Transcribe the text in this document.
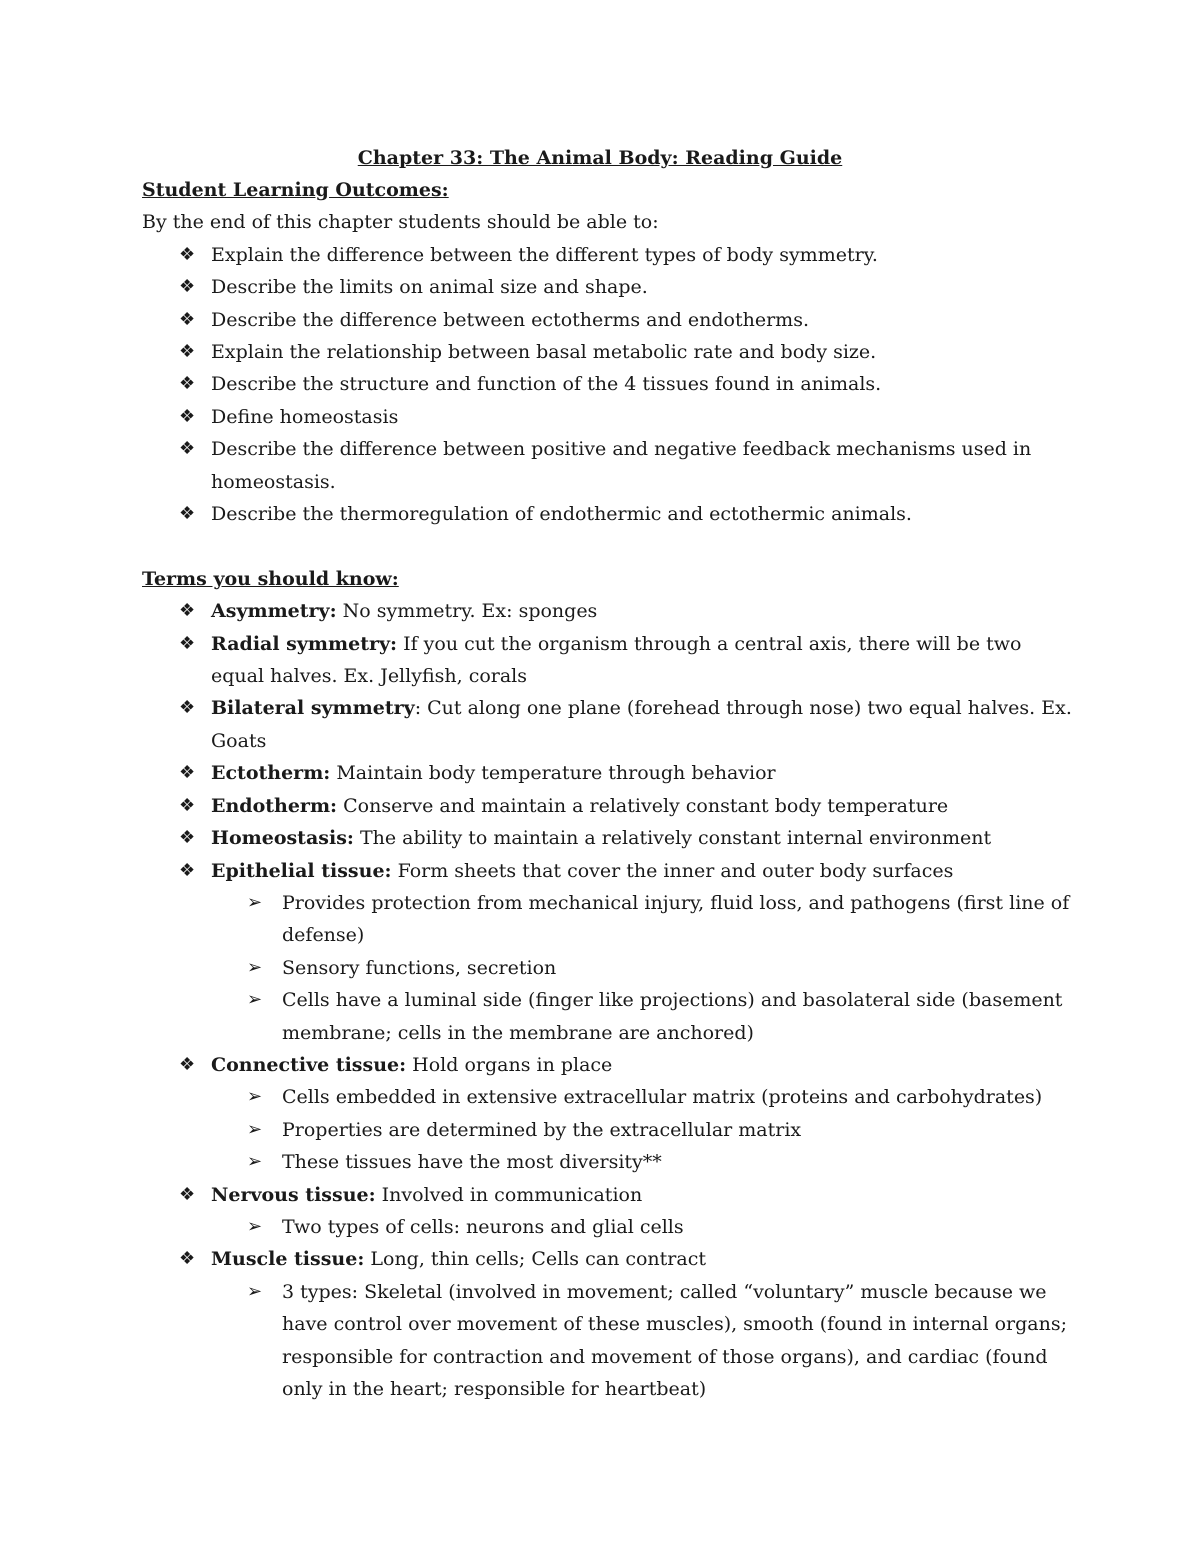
Chapter 33: The Animal Body: Reading Guide

Student Learning Outcomes:

By the end of this chapter students should be able to:

❖ Explain the difference between the different types of body symmetry.
❖ Describe the limits on animal size and shape.
❖ Describe the difference between ectotherms and endotherms.
❖ Explain the relationship between basal metabolic rate and body size.
❖ Describe the structure and function of the 4 tissues found in animals.
❖ Define homeostasis
❖ Describe the difference between positive and negative feedback mechanisms used in homeostasis.
❖ Describe the thermoregulation of endothermic and ectothermic animals.

Terms you should know:

❖ Asymmetry: No symmetry. Ex: sponges
❖ Radial symmetry: If you cut the organism through a central axis, there will be two equal halves. Ex. Jellyfish, corals
❖ Bilateral symmetry: Cut along one plane (forehead through nose) two equal halves. Ex. Goats
❖ Ectotherm: Maintain body temperature through behavior
❖ Endotherm: Conserve and maintain a relatively constant body temperature
❖ Homeostasis: The ability to maintain a relatively constant internal environment
❖ Epithelial tissue: Form sheets that cover the inner and outer body surfaces
➢ Provides protection from mechanical injury, fluid loss, and pathogens (first line of defense)
➢ Sensory functions, secretion
➢ Cells have a luminal side (finger like projections) and basolateral side (basement membrane; cells in the membrane are anchored)
❖ Connective tissue: Hold organs in place
➢ Cells embedded in extensive extracellular matrix (proteins and carbohydrates)
➢ Properties are determined by the extracellular matrix
➢ These tissues have the most diversity**
❖ Nervous tissue: Involved in communication
➢ Two types of cells: neurons and glial cells
❖ Muscle tissue: Long, thin cells; Cells can contract
➢ 3 types: Skeletal (involved in movement; called “voluntary” muscle because we have control over movement of these muscles), smooth (found in internal organs; responsible for contraction and movement of those organs), and cardiac (found only in the heart; responsible for heartbeat)
